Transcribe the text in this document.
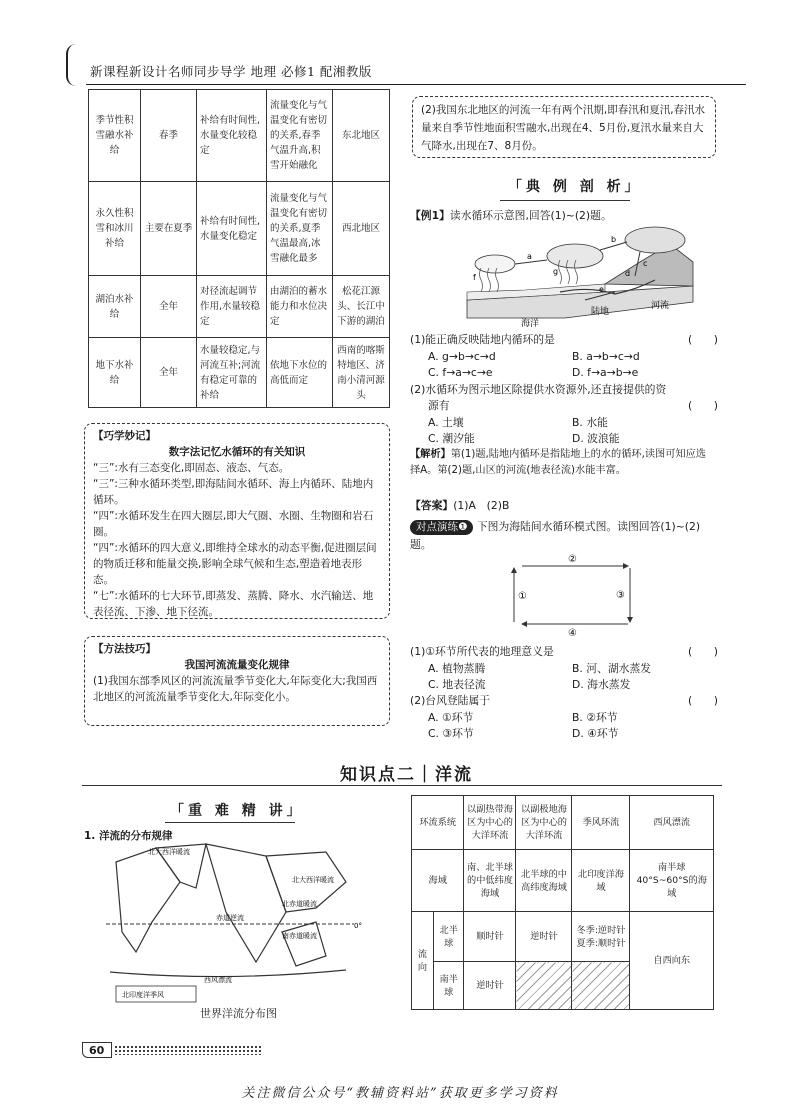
新课程新设计名师同步导学 地理 必修1 配湘教版
季节性积雪融水补给	春季	补给有时间性,水量变化较稳定	流量变化与气温变化有密切的关系,春季气温升高,积雪开始融化	东北地区
永久性积雪和冰川补给	主要在夏季	补给有时间性,水量变化稳定	流量变化与气温变化有密切的关系,夏季气温最高,冰雪融化最多	西北地区
湖泊水补给	全年	对径流起调节作用,水量较稳定	由湖泊的蓄水能力和水位决定	松花江源头、长江中下游的湖泊
地下水补给	全年	水量较稳定,与河流互补;河流有稳定可靠的补给	依地下水位的高低而定	西南的喀斯特地区、济南小清河源头
【巧学妙记】
数字法记忆水循环的有关知识
“三”:水有三态变化,即固态、液态、气态。
“三”:三种水循环类型,即海陆间水循环、海上内循环、陆地内循环。
“四”:水循环发生在四大圈层,即大气圈、水圈、生物圈和岩石圈。
“四”:水循环的四大意义,即维持全球水的动态平衡,促进圈层间的物质迁移和能量交换,影响全球气候和生态,塑造着地表形态。
“七”:水循环的七大环节,即蒸发、蒸腾、降水、水汽输送、地表径流、下渗、地下径流。
【方法技巧】
我国河流流量变化规律
(1)我国东部季风区的河流流量季节变化大,年际变化大;我国西北地区的河流流量季节变化大,年际变化小。
(2)我国东北地区的河流一年有两个汛期,即春汛和夏汛,春汛水量来自季节性地面积雪融水,出现在4、5月份,夏汛水量来自大气降水,出现在7、8月份。
「典 例 剖 析」
【例1】读水循环示意图,回答(1)~(2)题。
a
b
c
d
e
f
g
海洋
陆地
河流
(1)能正确反映陆地内循环的是	(　　)
A. g→b→c→d	B. a→b→c→d
C. f→a→c→e	D. f→a→b→e
(2)水循环为图示地区除提供水资源外,还直接提供的资
源有	(　　)
A. 土壤	B. 水能
C. 潮汐能	D. 波浪能
【解析】第(1)题,陆地内循环是指陆地上的水的循环,读图可知应选择A。第(2)题,山区的河流(地表径流)水能丰富。
【答案】(1)A　(2)B
对点演练❶ 下图为海陆间水循环模式图。读图回答(1)~(2)题。
①
②
③
④
(1)①环节所代表的地理意义是	(　　)
A. 植物蒸腾	B. 河、湖水蒸发
C. 地表径流	D. 海水蒸发
(2)台风登陆属于	(　　)
A. ①环节	B. ②环节
C. ③环节	D. ④环节
知识点二｜洋流
「重 难 精 讲」
1. 洋流的分布规律
北大西洋暖流
北赤道暖流
南赤道暖流
西风漂流
北印度洋季风
0°
赤道逆流
北大西洋暖流
世界洋流分布图
环流系统		以副热带海区为中心的大洋环流	以副极地海区为中心的大洋环流	季风环流	西风漂流
海域		南、北半球的中低纬度海域	北半球的中高纬度海域	北印度洋海域	南半球40°S~60°S的海域
流向	北半球	顺时针	逆时针	冬季:逆时针 夏季:顺时针	自西向东
	南半球	逆时针			
60
关注微信公众号“教辅资料站”获取更多学习资料
